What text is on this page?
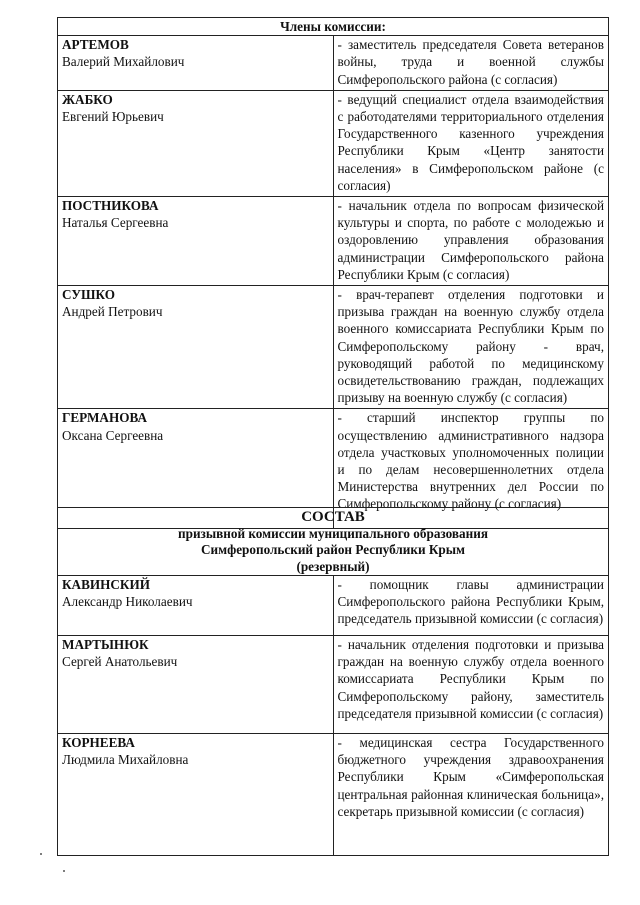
Члены комиссии:	

АРТЕМОВ
Валерий Михайлович	- заместитель председателя Совета ветеранов войны, труда и военной службы Симферопольского района (с согласия)

ЖАБКО
Евгений Юрьевич	- ведущий специалист отдела взаимодействия с работодателями территориального отделения Государственного казенного учреждения Республики Крым «Центр занятости населения» в Симферопольском районе (с согласия)

ПОСТНИКОВА
Наталья Сергеевна	- начальник отдела по вопросам физической культуры и спорта, по работе с молодежью и оздоровлению управления образования администрации Симферопольского района Республики Крым (с согласия)

СУШКО
Андрей Петрович	- врач-терапевт отделения подготовки и призыва граждан на военную службу отдела военного комиссариата Республики Крым по Симферопольскому району - врач, руководящий работой по медицинскому освидетельствованию граждан, подлежащих призыву на военную службу (с согласия)

ГЕРМАНОВА
Оксана Сергеевна	- старший инспектор группы по осуществлению административного надзора отдела участковых уполномоченных полиции и по делам несовершеннолетних отдела Министерства внутренних дел России по Симферопольскому району (с согласия)
СОСТАВ
призывной комиссии муниципального образования
Симферопольский район Республики Крым
(резервный)	

КАВИНСКИЙ
Александр Николаевич	- помощник главы администрации Симферопольского района Республики Крым, председатель призывной комиссии (с согласия)

МАРТЫНЮК
Сергей Анатольевич	- начальник отделения подготовки и призыва граждан на военную службу отдела военного комиссариата Республики Крым по Симферопольскому району, заместитель председателя призывной комиссии (с согласия)

КОРНЕЕВА
Людмила Михайловна	- медицинская сестра Государственного бюджетного учреждения здравоохранения Республики Крым «Симферопольская центральная районная клиническая больница», секретарь призывной комиссии (с согласия)
